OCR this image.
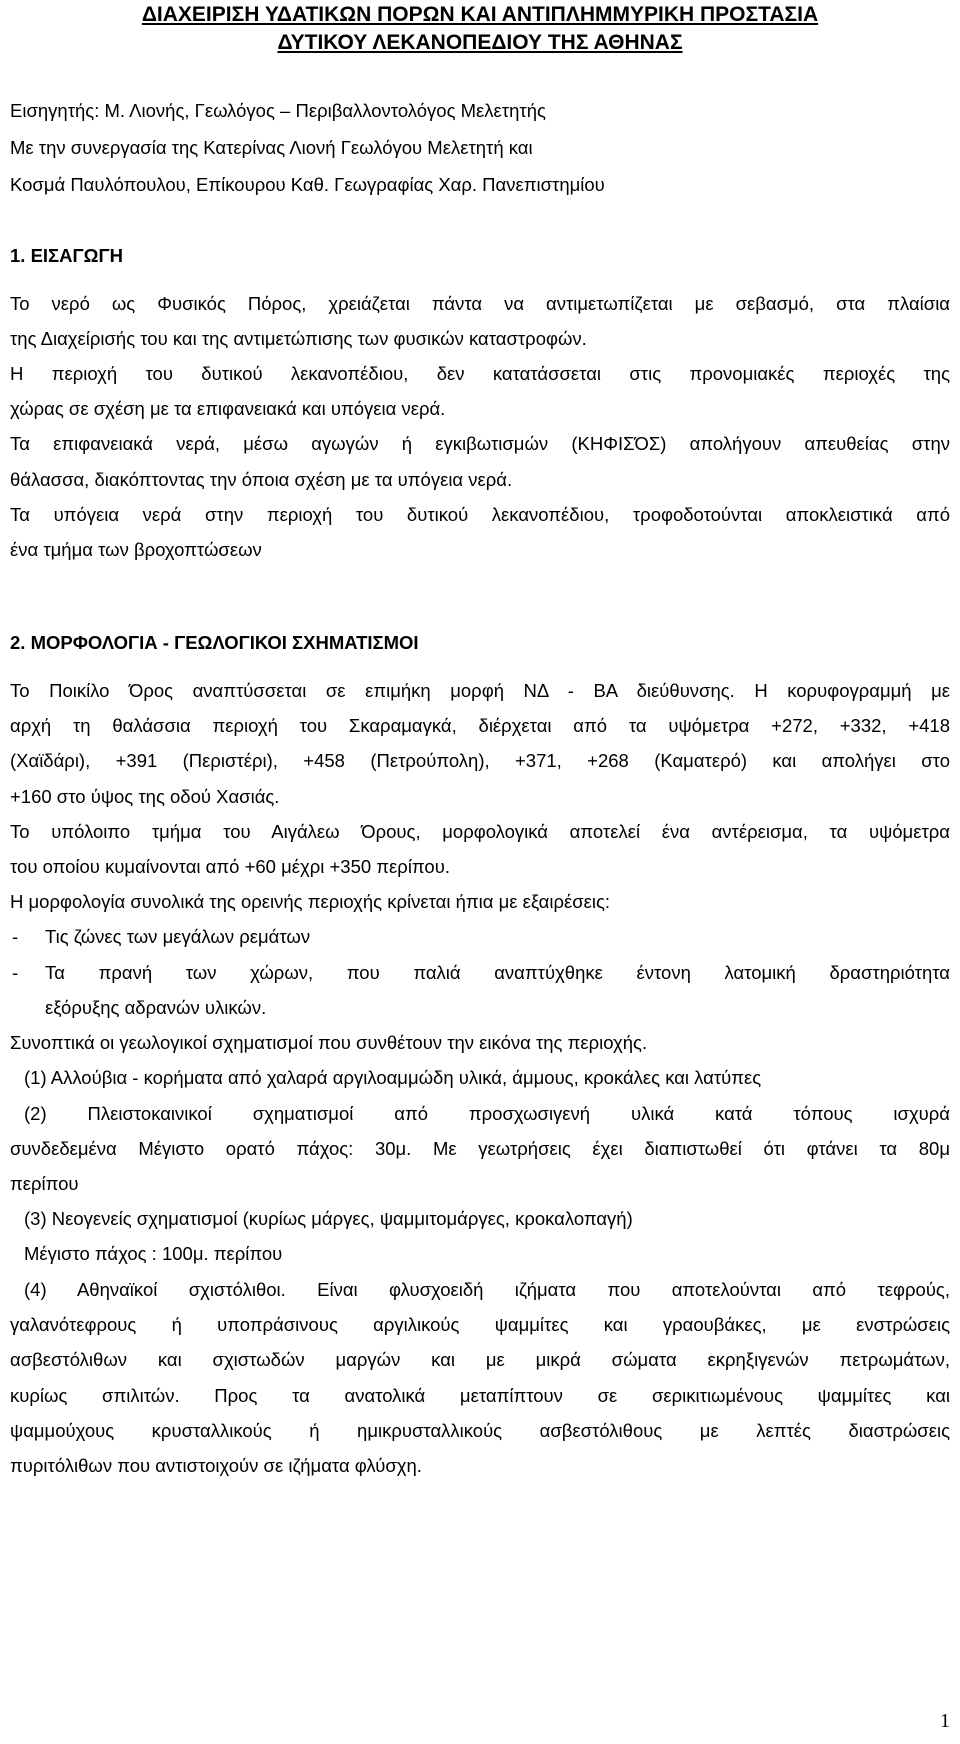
ΔΙΑΧΕΙΡΙΣΗ ΥΔΑΤΙΚΩΝ ΠΟΡΩΝ ΚΑΙ ΑΝΤΙΠΛΗΜΜΥΡΙΚΗ ΠΡΟΣΤΑΣΙΑ
ΔΥΤΙΚΟΥ ΛΕΚΑΝΟΠΕΔΙΟΥ ΤΗΣ ΑΘΗΝΑΣ
Εισηγητής: Μ. Λιονής, Γεωλόγος – Περιβαλλοντολόγος Μελετητής
Με την συνεργασία της Κατερίνας Λιονή Γεωλόγου Μελετητή και
Κοσμά Παυλόπουλου, Επίκουρου Καθ. Γεωγραφίας Χαρ. Πανεπιστημίου
1. ΕΙΣΑΓΩΓΗ
Το νερό ως Φυσικός Πόρος, χρειάζεται πάντα να αντιμετωπίζεται με σεβασμό, στα πλαίσια
της Διαχείρισής του και της αντιμετώπισης των φυσικών καταστροφών.
Η περιοχή του δυτικού λεκανοπέδιου, δεν κατατάσσεται στις προνομιακές περιοχές της
χώρας σε σχέση με τα επιφανειακά και υπόγεια νερά.
Τα επιφανειακά νερά, μέσω αγωγών ή εγκιβωτισμών (ΚΗΦΙΣΌΣ) απολήγουν απευθείας στην
θάλασσα, διακόπτοντας την όποια σχέση με τα υπόγεια νερά.
Τα υπόγεια νερά στην περιοχή του δυτικού λεκανοπέδιου, τροφοδοτούνται αποκλειστικά από
ένα τμήμα των βροχοπτώσεων
2. ΜΟΡΦΟΛΟΓΙΑ - ΓΕΩΛΟΓΙΚΟΙ ΣΧΗΜΑΤΙΣΜΟΙ
Το Ποικίλο Όρος αναπτύσσεται σε επιμήκη μορφή ΝΔ - ΒΑ διεύθυνσης. Η κορυφογραμμή με
αρχή τη θαλάσσια περιοχή του Σκαραμαγκά, διέρχεται από τα υψόμετρα +272, +332, +418
(Χαϊδάρι), +391 (Περιστέρι), +458 (Πετρούπολη), +371, +268 (Καματερό) και απολήγει στο
+160 στο ύψος της οδού Χασιάς.
Το υπόλοιπο τμήμα του Αιγάλεω Όρους, μορφολογικά αποτελεί ένα αντέρεισμα, τα υψόμετρα
του οποίου κυμαίνονται από +60 μέχρι +350 περίπου.
Η μορφολογία συνολικά της ορεινής περιοχής κρίνεται ήπια με εξαιρέσεις:
- Τις ζώνες των μεγάλων ρεμάτων
- Τα πρανή των χώρων, που παλιά αναπτύχθηκε έντονη λατομική δραστηριότητα
εξόρυξης αδρανών υλικών.
Συνοπτικά οι γεωλογικοί σχηματισμοί που συνθέτουν την εικόνα της περιοχής.
(1) Αλλούβια - κορήματα από χαλαρά αργιλοαμμώδη υλικά, άμμους, κροκάλες και λατύπες
(2) Πλειστοκαινικοί σχηματισμοί από προσχωσιγενή υλικά κατά τόπους ισχυρά
συνδεδεμένα Μέγιστο ορατό πάχος: 30μ. Με γεωτρήσεις έχει διαπιστωθεί ότι φτάνει τα 80μ
περίπου
(3) Νεογενείς σχηματισμοί (κυρίως μάργες, ψαμμιτομάργες, κροκαλοπαγή)
Μέγιστο πάχος : 100μ. περίπου
(4) Αθηναϊκοί σχιστόλιθοι. Είναι φλυσχοειδή ιζήματα που αποτελούνται από τεφρούς,
γαλανότεφρους ή υποπράσινους αργιλικούς ψαμμίτες και γραουβάκες, με ενστρώσεις
ασβεστόλιθων και σχιστωδών μαργών και με μικρά σώματα εκρηξιγενών πετρωμάτων,
κυρίως σπιλιτών. Προς τα ανατολικά μεταπίπτουν σε σερικιτιωμένους ψαμμίτες και
ψαμμούχους κρυσταλλικούς ή ημικρυσταλλικούς ασβεστόλιθους με λεπτές διαστρώσεις
πυριτόλιθων που αντιστοιχούν σε ιζήματα φλύσχη.
1
